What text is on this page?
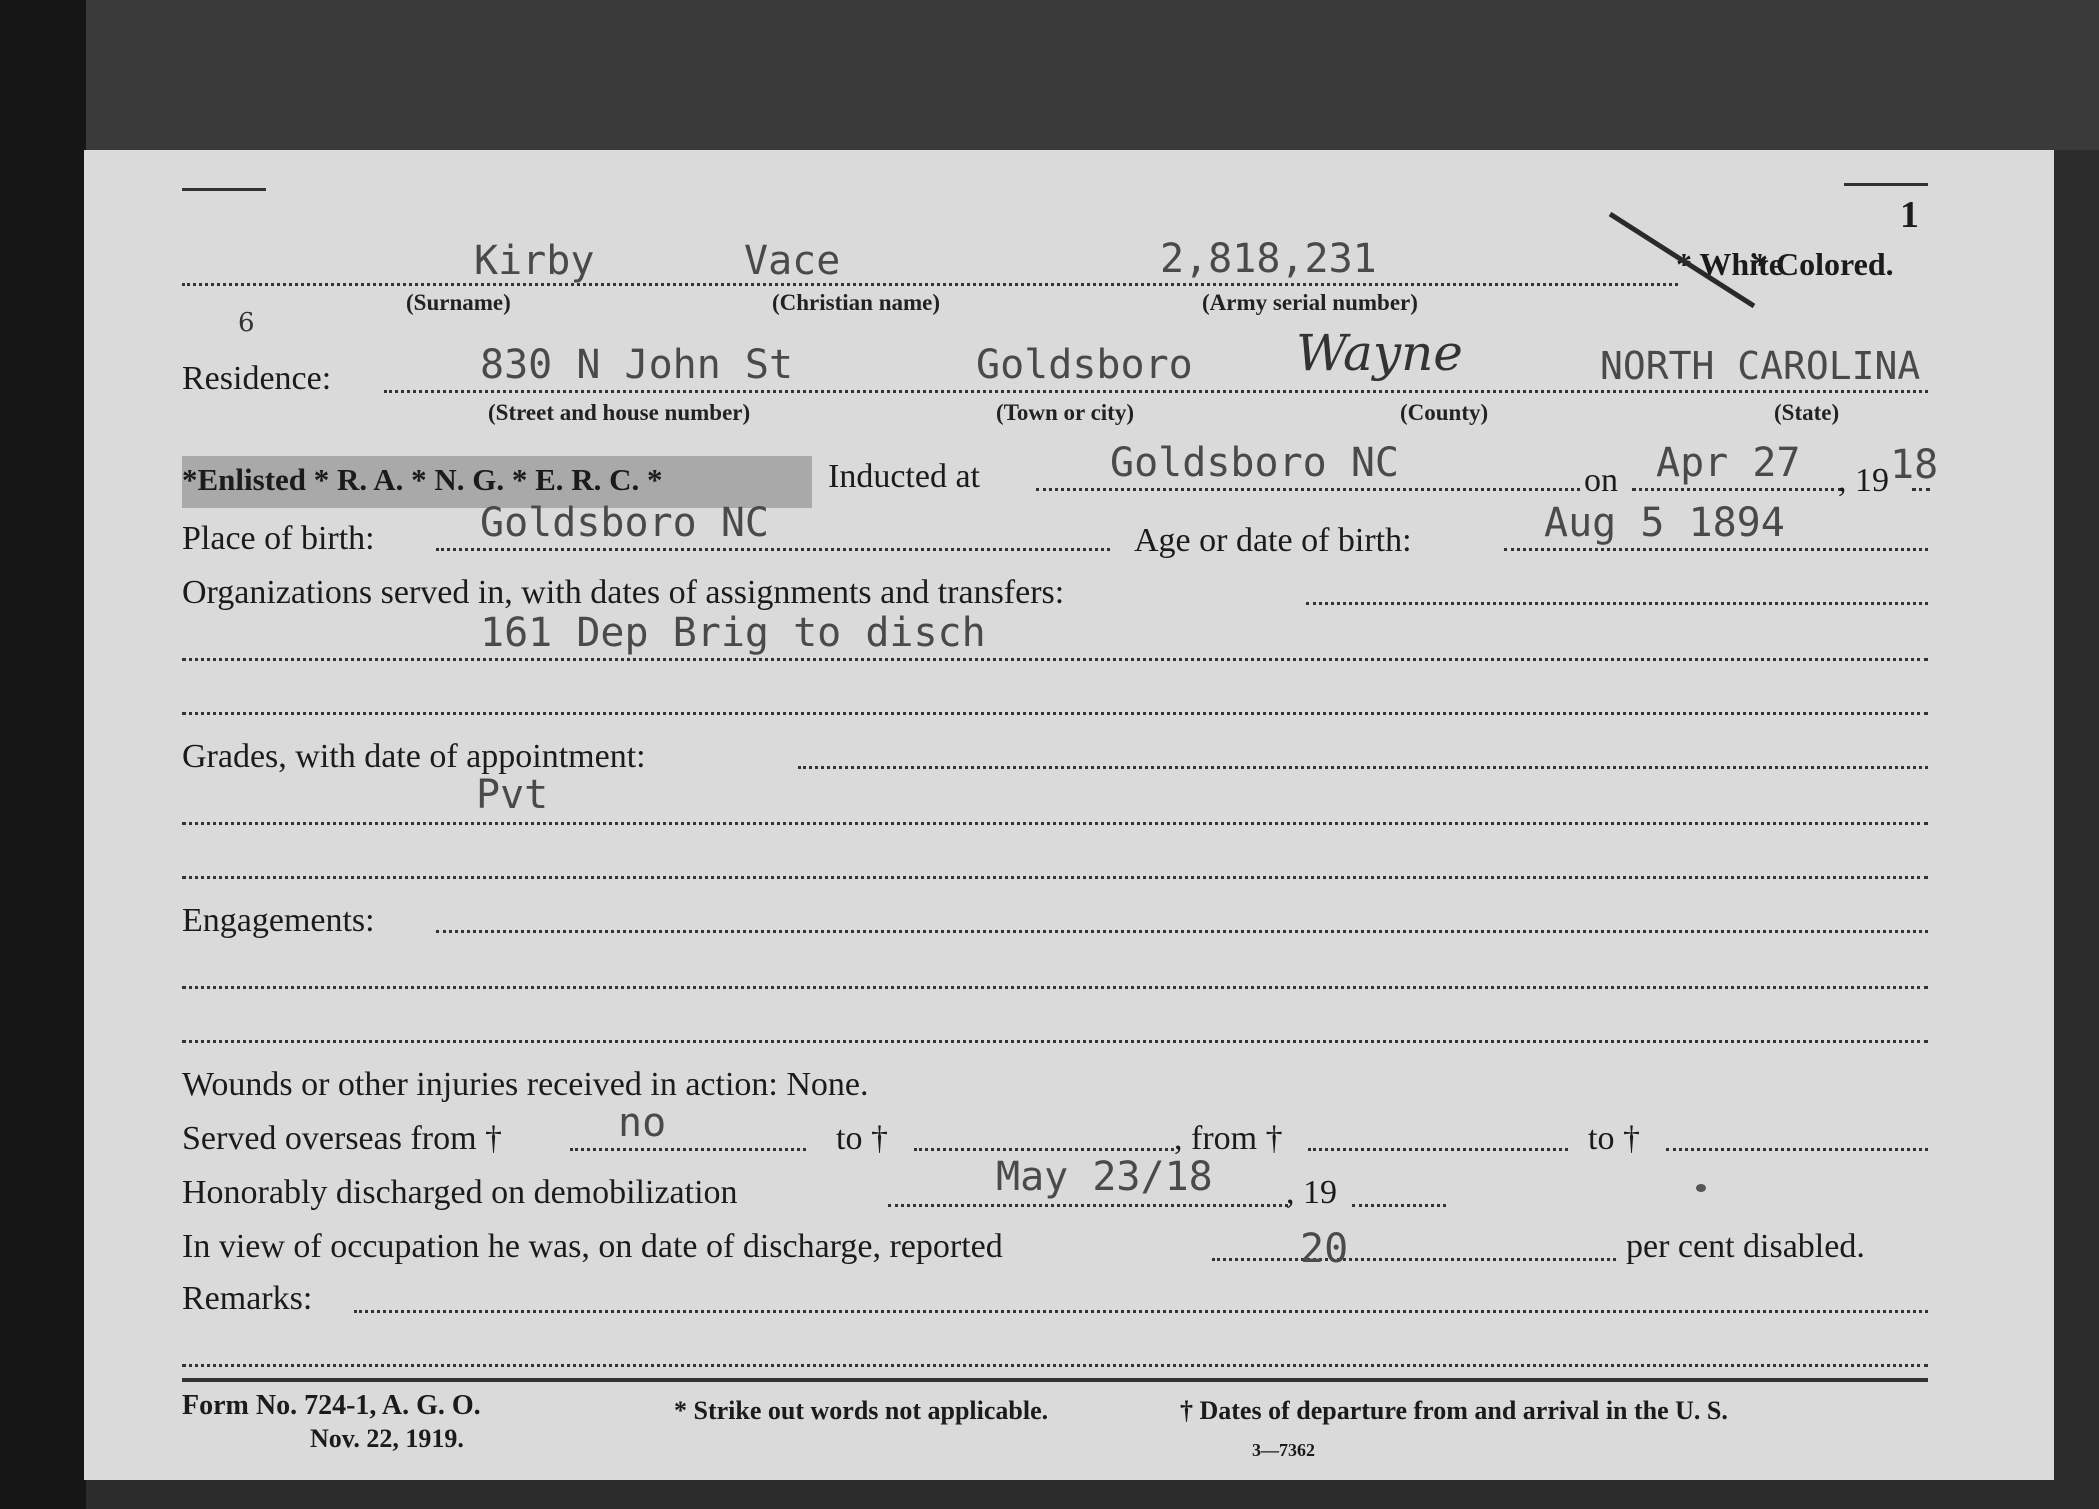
1
Kirby	Vace	2,818,231	* White
* Colored.
(Surname)	(Christian name)	(Army serial number)
6
Residence:	830 N John St	Goldsboro Wayne	NORTH CAROLINA
(Street and house number)	(Town or city)	(County)	(State)
*Enlisted * R. A. * N. G. * E. R. C. *	Inducted at	Goldsboro NC	on Apr 27 , 19 18
Place of birth:	Goldsboro NC	Age or date of birth:	Aug 5 1894
Organizations served in, with dates of assignments and transfers:
161 Dep Brig to disch
Grades, with date of appointment:
Pvt
Engagements:
Wounds or other injuries received in action: None.
Served overseas from †	no	to †	, from †	to †
Honorably discharged on demobilization	May 23/18 , 19
In view of occupation he was, on date of discharge, reported	20	per cent disabled.
Remarks:
Form No. 724-1, A. G. O.
Nov. 22, 1919.
* Strike out words not applicable.	† Dates of departure from and arrival in the U. S.
3—7362
